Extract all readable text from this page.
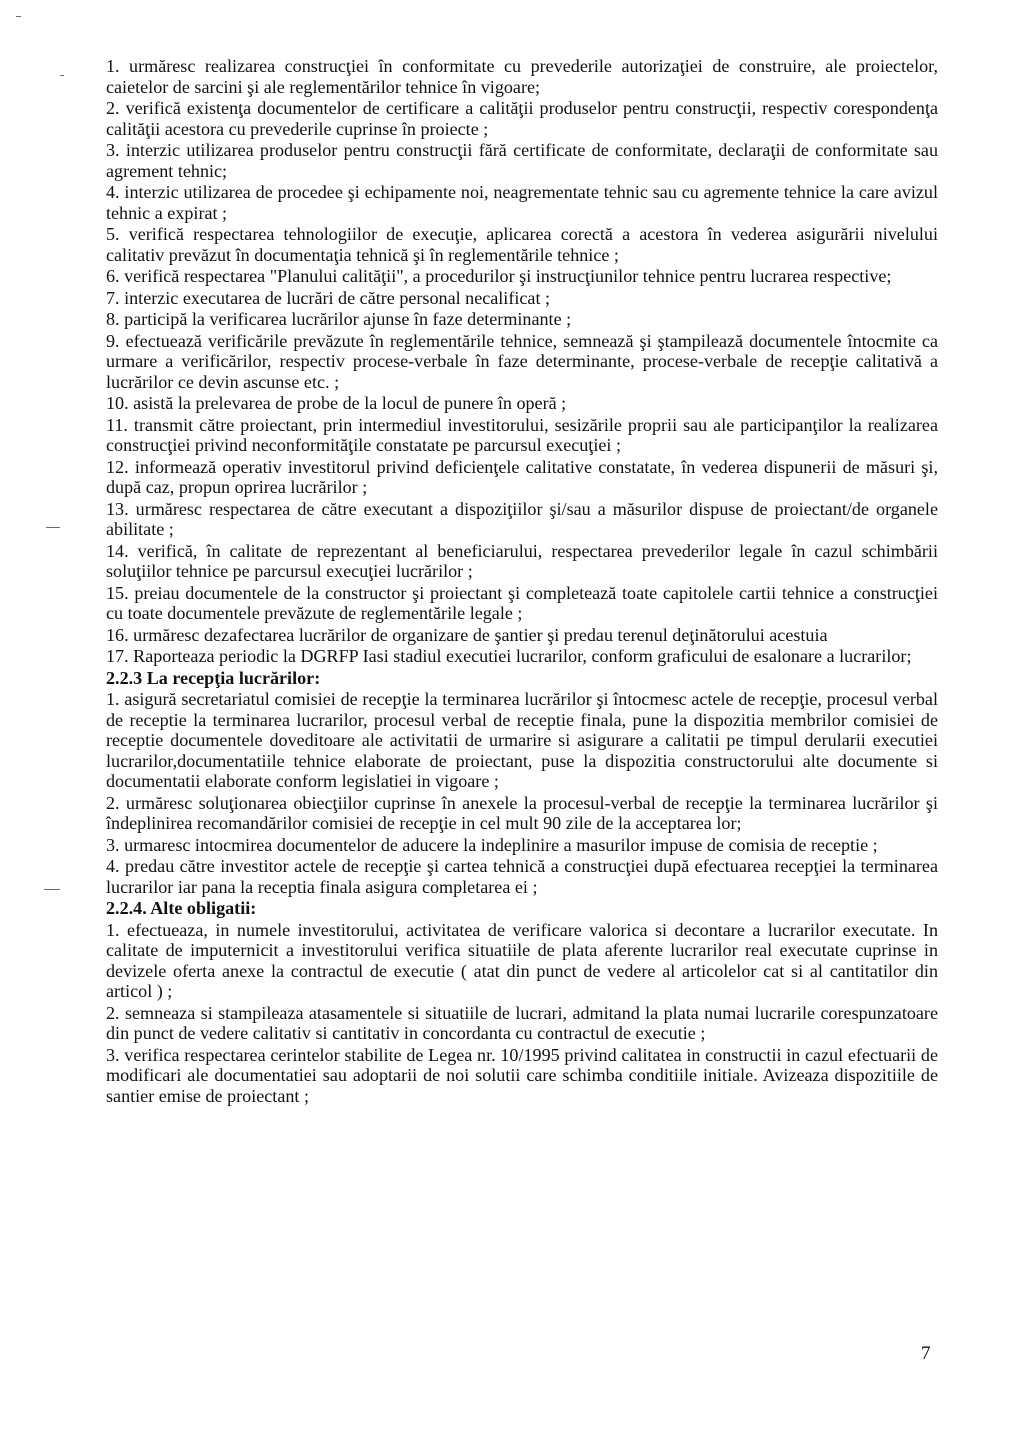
1. urmăresc realizarea construcţiei în conformitate cu prevederile autorizaţiei de construire, ale proiectelor, caietelor de sarcini şi ale reglementărilor tehnice în vigoare;

2. verifică existenţa documentelor de certificare a calităţii produselor pentru construcţii, respectiv corespondenţa calităţii acestora cu prevederile cuprinse în proiecte ;

3. interzic utilizarea produselor pentru construcţii fără certificate de conformitate, declaraţii de conformitate sau agrement tehnic;

4. interzic utilizarea de procedee şi echipamente noi, neagrementate tehnic sau cu agremente tehnice la care avizul tehnic a expirat ;

5. verifică respectarea tehnologiilor de execuţie, aplicarea corectă a acestora în vederea asigurării nivelului calitativ prevăzut în documentaţia tehnică şi în reglementările tehnice ;

6. verifică respectarea "Planului calităţii", a procedurilor şi instrucţiunilor tehnice pentru lucrarea respective;

7. interzic executarea de lucrări de către personal necalificat ;

8. participă la verificarea lucrărilor ajunse în faze determinante ;

9. efectuează verificările prevăzute în reglementările tehnice, semnează şi ştampilează documentele întocmite ca urmare a verificărilor, respectiv procese-verbale în faze determinante, procese-verbale de recepţie calitativă a lucrărilor ce devin ascunse etc. ;

10. asistă la prelevarea de probe de la locul de punere în operă ;

11. transmit către proiectant, prin intermediul investitorului, sesizările proprii sau ale participanţilor la realizarea construcţiei privind neconformităţile constatate pe parcursul execuţiei ;

12. informează operativ investitorul privind deficienţele calitative constatate, în vederea dispunerii de măsuri şi, după caz, propun oprirea lucrărilor ;

13. urmăresc respectarea de către executant a dispoziţiilor şi/sau a măsurilor dispuse de proiectant/de organele abilitate ;

14. verifică, în calitate de reprezentant al beneficiarului, respectarea prevederilor legale în cazul schimbării soluţiilor tehnice pe parcursul execuţiei lucrărilor ;

15. preiau documentele de la constructor şi proiectant şi completează toate capitolele cartii tehnice a construcţiei cu toate documentele prevăzute de reglementările legale ;

16. urmăresc dezafectarea lucrărilor de organizare de şantier şi predau terenul deţinătorului acestuia

17. Raporteaza periodic la DGRFP Iasi stadiul executiei lucrarilor, conform graficului de esalonare a lucrarilor;

2.2.3 La recepţia lucrărilor:

1. asigură secretariatul comisiei de recepţie la terminarea lucrărilor şi întocmesc actele de recepţie, procesul verbal de receptie la terminarea lucrarilor, procesul verbal de receptie finala, pune la dispozitia membrilor comisiei de receptie documentele doveditoare ale activitatii de urmarire si asigurare a calitatii pe timpul derularii executiei lucrarilor,documentatiile tehnice elaborate de proiectant, puse la dispozitia constructorului alte documente si documentatii elaborate conform legislatiei in vigoare ;

2. urmăresc soluţionarea obiecţiilor cuprinse în anexele la procesul-verbal de recepţie la terminarea lucrărilor şi îndeplinirea recomandărilor comisiei de recepţie in cel mult 90 zile de la acceptarea lor;

3. urmaresc intocmirea documentelor de aducere la indeplinire a masurilor impuse de comisia de receptie ;

4. predau către investitor actele de recepţie şi cartea tehnică a construcţiei după efectuarea recepţiei la terminarea lucrarilor iar pana la receptia finala asigura completarea ei ;

2.2.4. Alte obligatii:

1. efectueaza, in numele investitorului, activitatea de verificare valorica si decontare a lucrarilor executate. In calitate de imputernicit a investitorului verifica situatiile de plata aferente lucrarilor real executate cuprinse in devizele oferta anexe la contractul de executie ( atat din punct de vedere al articolelor cat si al cantitatilor din articol ) ;

2. semneaza si stampileaza atasamentele si situatiile de lucrari, admitand la plata numai lucrarile corespunzatoare din punct de vedere calitativ si cantitativ in concordanta cu contractul de executie ;

3. verifica respectarea cerintelor stabilite de Legea nr. 10/1995 privind calitatea in constructii in cazul efectuarii de modificari ale documentatiei sau adoptarii de noi solutii care schimba conditiile initiale. Avizeaza dispozitiile de santier emise de proiectant ;

7
